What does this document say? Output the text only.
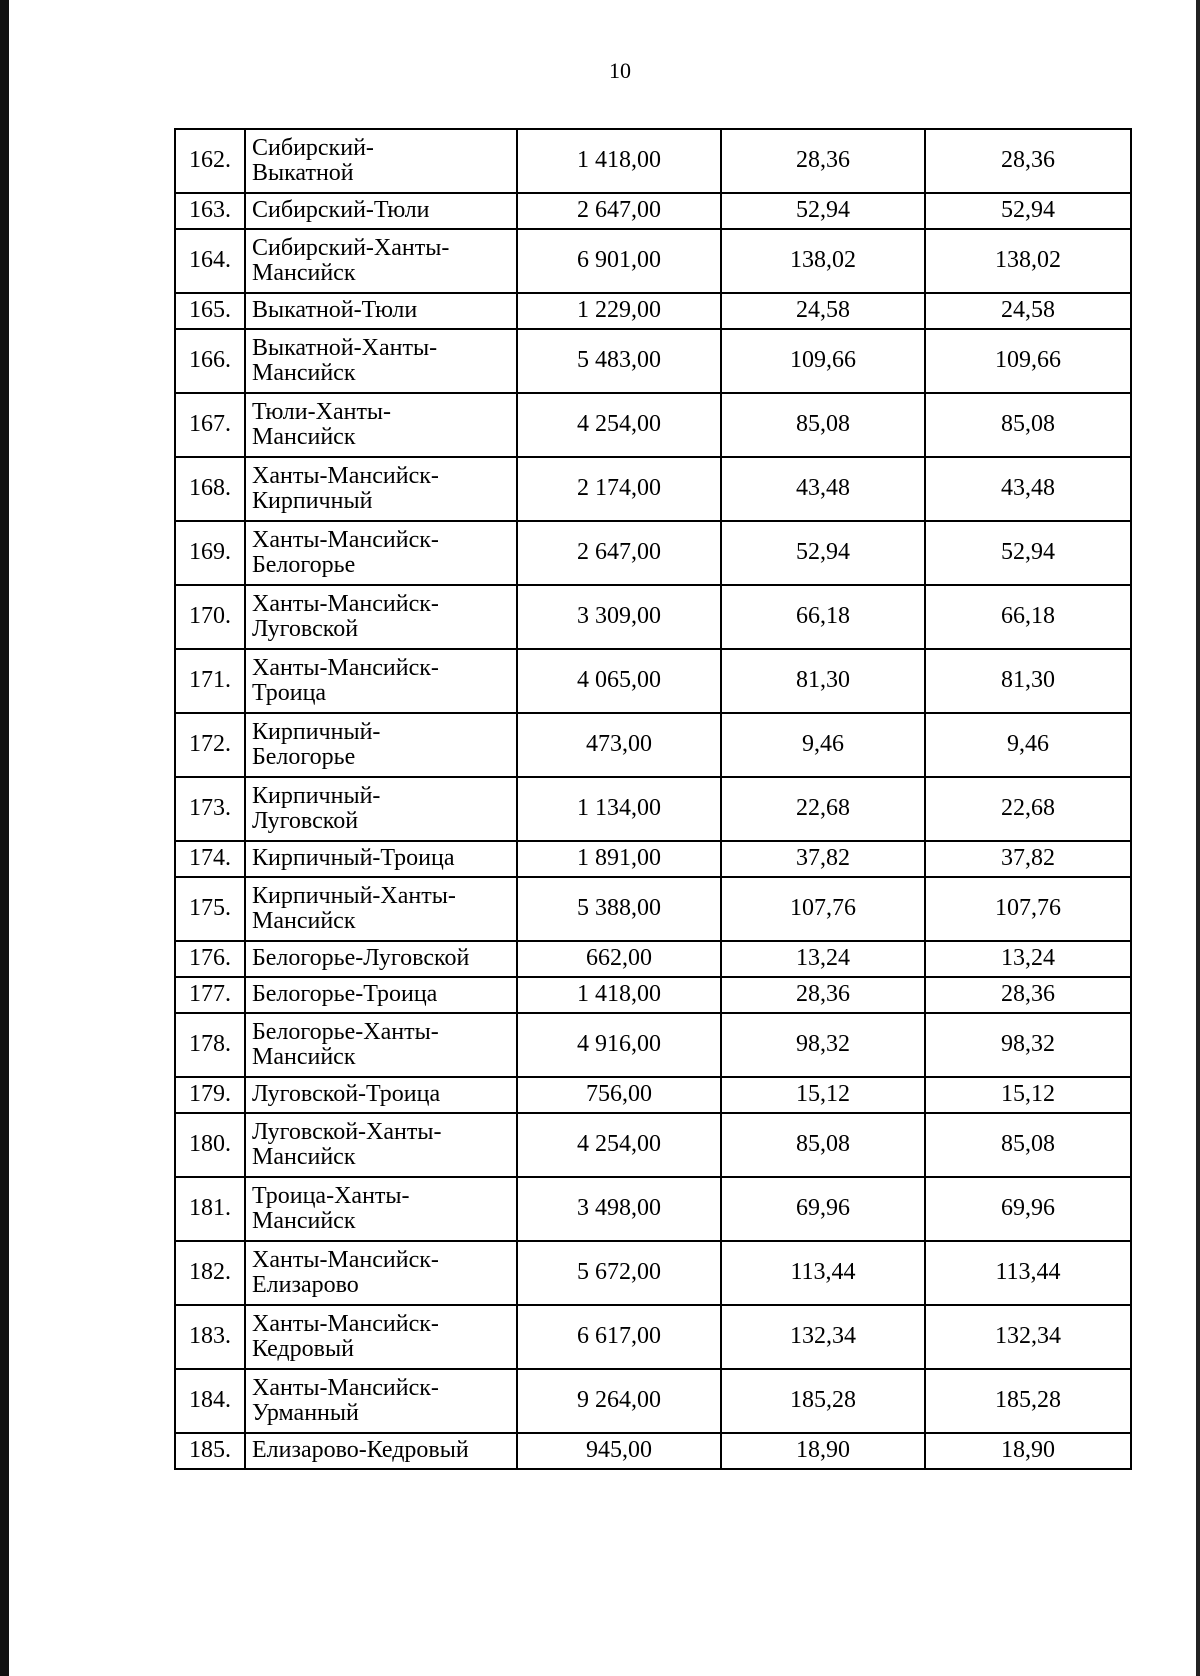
10
162.	Сибирский-
Выкатной	1 418,00	28,36	28,36
163.	Сибирский-Тюли	2 647,00	52,94	52,94
164.	Сибирский-Ханты-
Мансийск	6 901,00	138,02	138,02
165.	Выкатной-Тюли	1 229,00	24,58	24,58
166.	Выкатной-Ханты-
Мансийск	5 483,00	109,66	109,66
167.	Тюли-Ханты-
Мансийск	4 254,00	85,08	85,08
168.	Ханты-Мансийск-
Кирпичный	2 174,00	43,48	43,48
169.	Ханты-Мансийск-
Белогорье	2 647,00	52,94	52,94
170.	Ханты-Мансийск-
Луговской	3 309,00	66,18	66,18
171.	Ханты-Мансийск-
Троица	4 065,00	81,30	81,30
172.	Кирпичный-
Белогорье	473,00	9,46	9,46
173.	Кирпичный-
Луговской	1 134,00	22,68	22,68
174.	Кирпичный-Троица	1 891,00	37,82	37,82
175.	Кирпичный-Ханты-
Мансийск	5 388,00	107,76	107,76
176.	Белогорье-Луговской	662,00	13,24	13,24
177.	Белогорье-Троица	1 418,00	28,36	28,36
178.	Белогорье-Ханты-
Мансийск	4 916,00	98,32	98,32
179.	Луговской-Троица	756,00	15,12	15,12
180.	Луговской-Ханты-
Мансийск	4 254,00	85,08	85,08
181.	Троица-Ханты-
Мансийск	3 498,00	69,96	69,96
182.	Ханты-Мансийск-
Елизарово	5 672,00	113,44	113,44
183.	Ханты-Мансийск-
Кедровый	6 617,00	132,34	132,34
184.	Ханты-Мансийск-
Урманный	9 264,00	185,28	185,28
185.	Елизарово-Кедровый	945,00	18,90	18,90
